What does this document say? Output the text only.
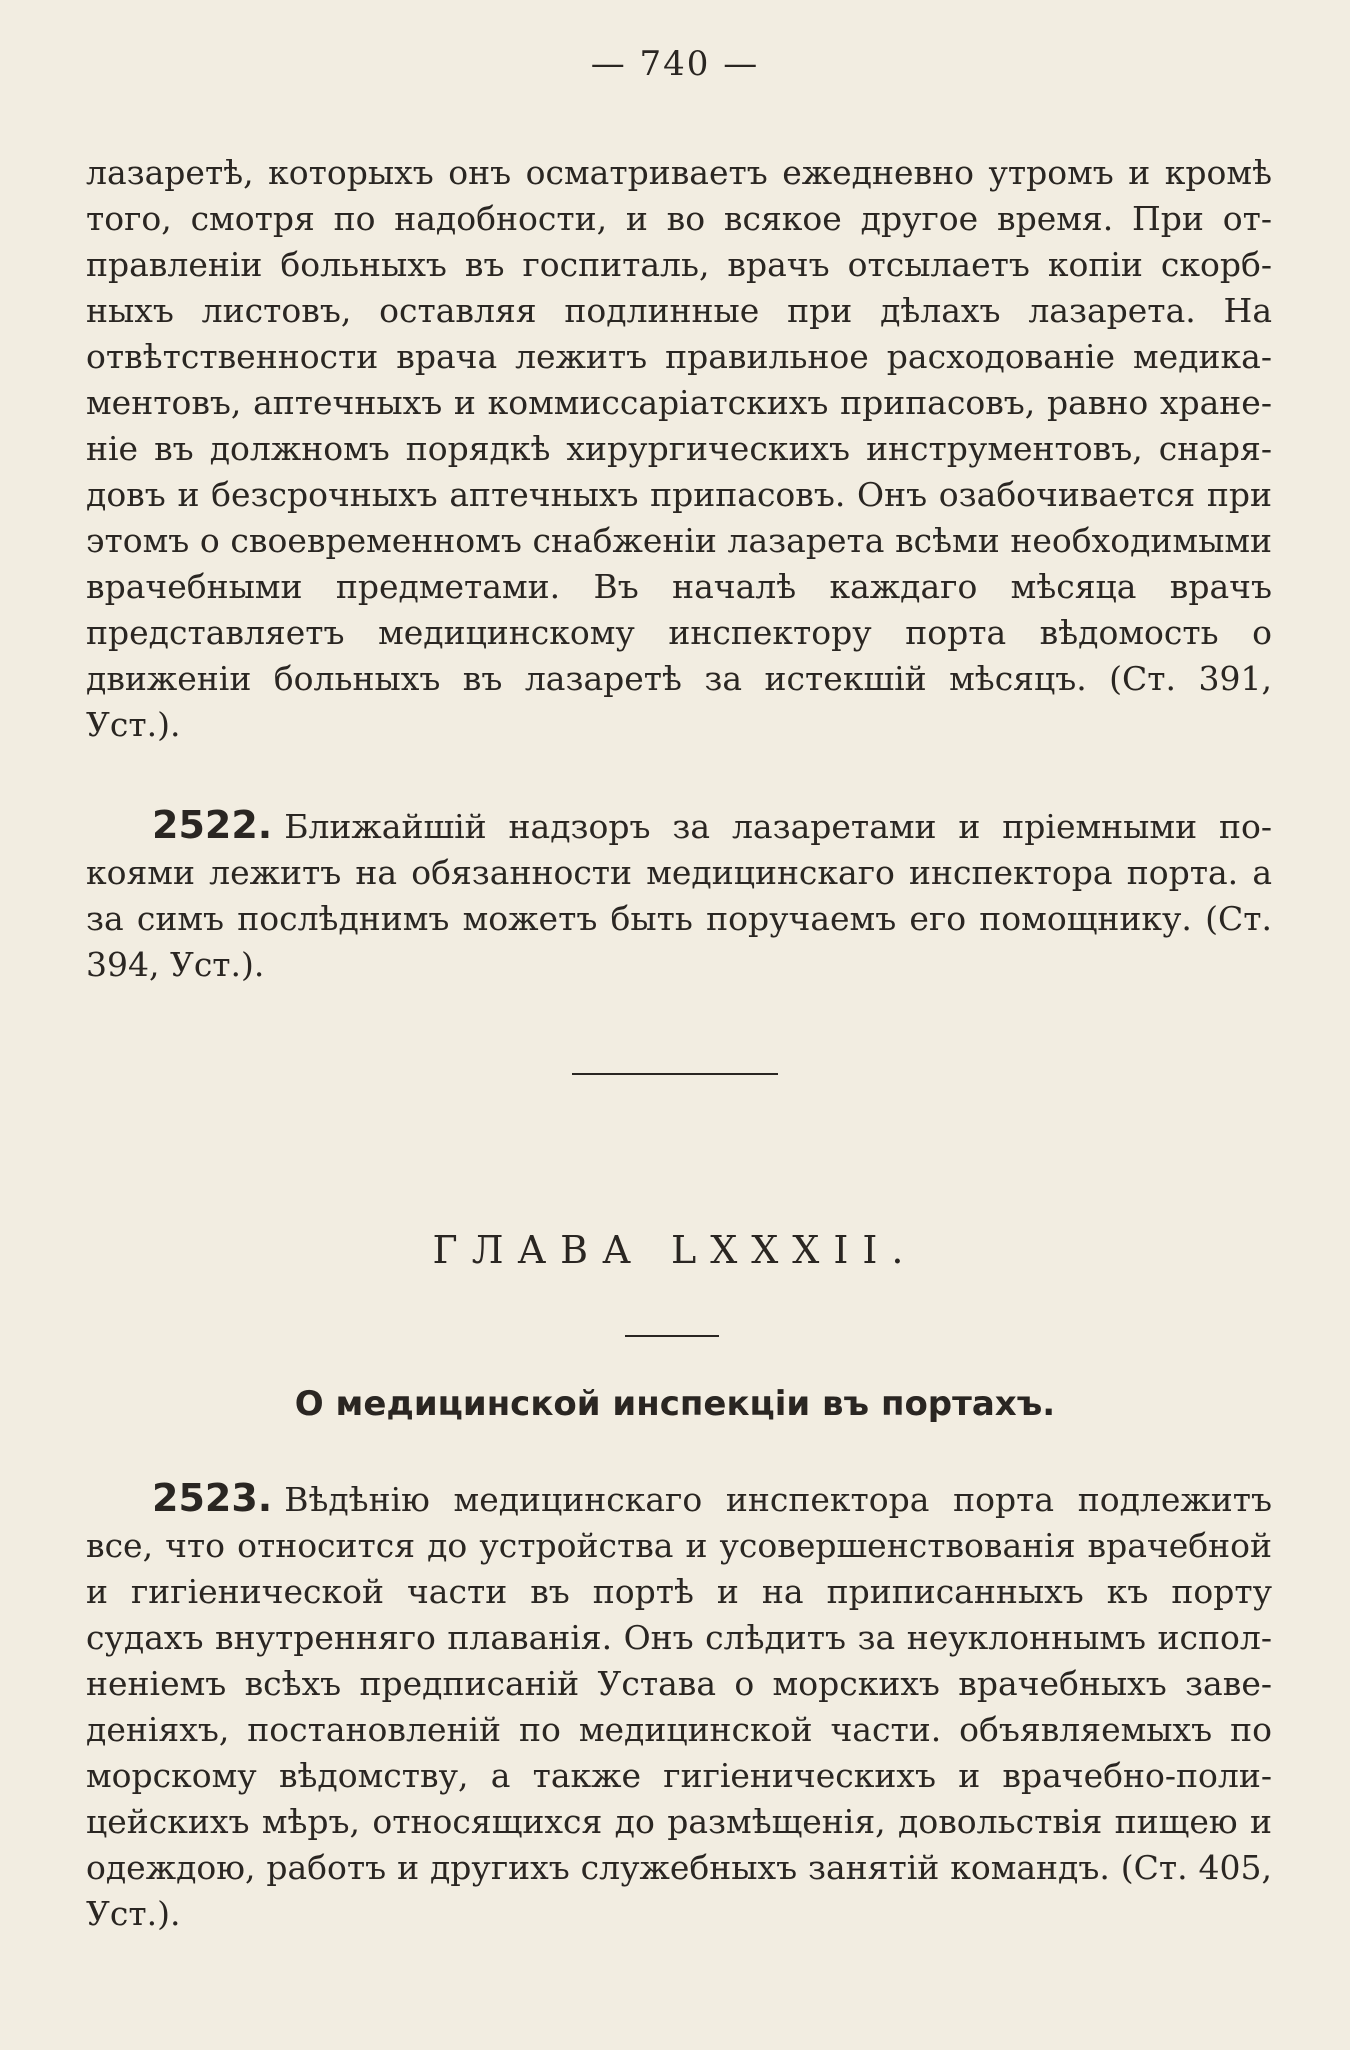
— 740 —

лазаретѣ, которыхъ онъ осматриваетъ ежедневно утромъ и кромѣ того, смотря по надобности, и во всякое другое время. При отправленіи больныхъ въ госпиталь, врачъ отсылаетъ копіи скорбныхъ листовъ, оставляя подлинные при дѣлахъ лазарета. На отвѣтственности врача лежитъ правильное расходованіе медикаментовъ, аптечныхъ и коммиссаріатскихъ припасовъ, равно храненіе въ должномъ порядкѣ хирургическихъ инструментовъ, снарядовъ и безсрочныхъ аптечныхъ припасовъ. Онъ озабочивается при этомъ о своевременномъ снабженіи лазарета всѣми необходимыми врачебными предметами. Въ началѣ каждаго мѣсяца врачъ представляетъ медицинскому инспектору порта вѣдомость о движеніи больныхъ въ лазаретѣ за истекшій мѣсяцъ. (Ст. 391, Уст.).

2522. Ближайшій надзоръ за лазаретами и пріемными покоями лежитъ на обязанности медицинскаго инспектора порта. а за симъ послѣднимъ можетъ быть поручаемъ его помощнику. (Ст. 394, Уст.).

ГЛАВА LXXXII.
О медицинской инспекціи въ портахъ.

2523. Вѣдѣнію медицинскаго инспектора порта подлежитъ все, что относится до устройства и усовершенствованія врачебной и гигіенической части въ портѣ и на приписанныхъ къ порту судахъ внутренняго плаванія. Онъ слѣдитъ за неуклоннымъ исполненіемъ всѣхъ предписаній Устава о морскихъ врачебныхъ заведеніяхъ, постановленій по медицинской части. объявляемыхъ по морскому вѣдомству, а также гигіеническихъ и врачебно-полицейскихъ мѣръ, относящихся до размѣщенія, довольствія пищею и одеждою, работъ и другихъ служебныхъ занятій командъ. (Ст. 405, Уст.).
